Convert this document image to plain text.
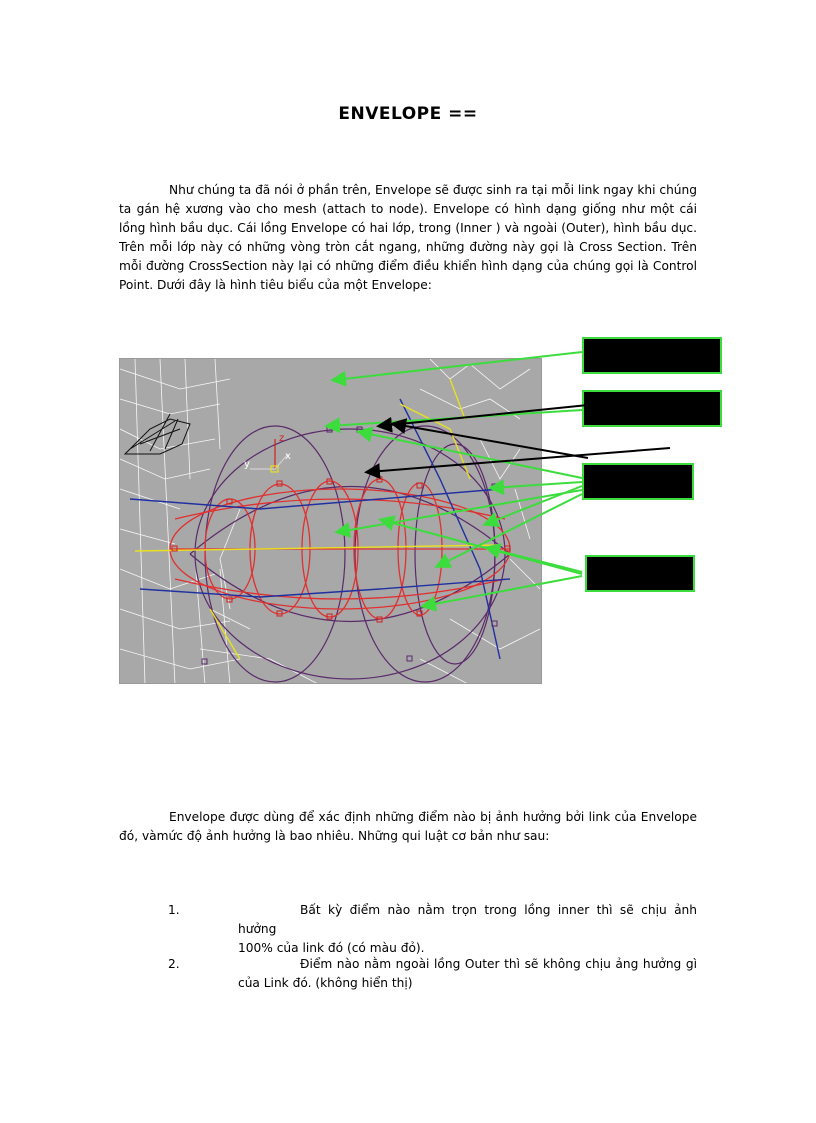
ENVELOPE ==
Như chúng ta đã nói ở phần trên, Envelope sẽ được sinh ra tại mỗi link ngay khi chúng ta gán hệ xương vào cho mesh (attach to node). Envelope có hình dạng giống như một cái lồng hình bầu dục. Cái lồng Envelope có hai lớp, trong (Inner ) và ngoài (Outer), hình bầu dục. Trên mỗi lớp này có những vòng tròn cắt ngang, những đường này gọi là Cross Section. Trên mỗi đường CrossSection này lại có những điểm điều khiển hình dạng của chúng gọi là Control Point. Dưới đây là hình tiêu biểu của một Envelope:
z
y
x
Envelope được dùng để xác định những điểm nào bị ảnh hưởng bởi link của Envelope đó, vàmức độ ảnh hưởng là bao nhiêu. Những qui luật cơ bản như sau:
1.	Bất kỳ điểm nào nằm trọn trong lồng inner thì sẽ chịu ảnh hưởng
100% của link đó (có màu đỏ).
2.	Điểm nào nằm ngoài lồng Outer thì sẽ không chịu ảng hưởng gì
của Link đó. (không hiển thị)
